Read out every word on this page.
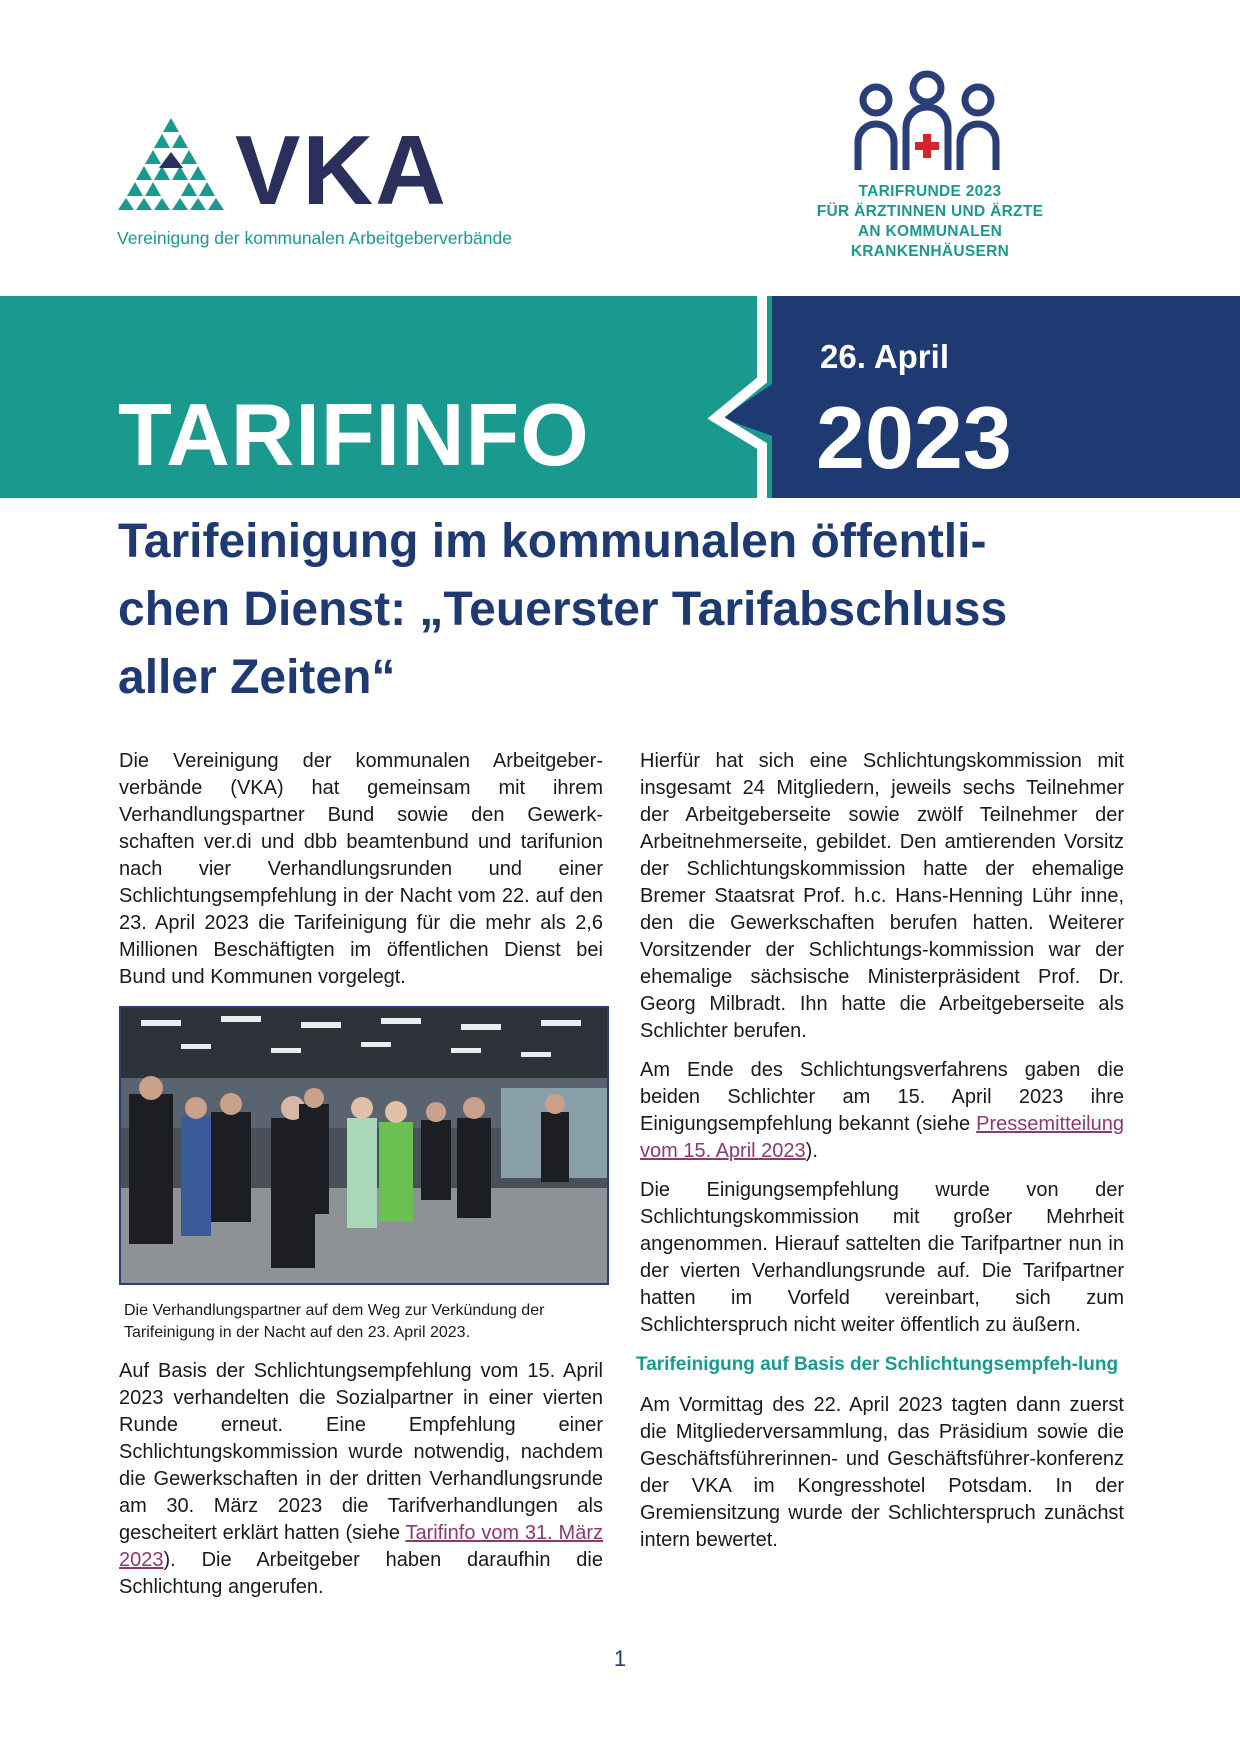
VKA
Vereinigung der kommunalen Arbeitgeberverbände
TARIFRUNDE 2023
FÜR ÄRZTINNEN UND ÄRZTE
AN KOMMUNALEN
KRANKENHÄUSERN
TARIFINFO
26. April
2023
Tarifeinigung im kommunalen öffentli-
chen Dienst: „Teuerster Tarifabschluss
aller Zeiten“

Die Vereinigung der kommunalen Arbeitgeber-verbände (VKA) hat gemeinsam mit ihrem Verhandlungspartner Bund sowie den Gewerk-schaften ver.di und dbb beamtenbund und tarifunion nach vier Verhandlungsrunden und einer Schlichtungsempfehlung in der Nacht vom 22. auf den 23. April 2023 die Tarifeinigung für die mehr als 2,6 Millionen Beschäftigten im öffentlichen Dienst bei Bund und Kommunen vorgelegt.

Die Verhandlungspartner auf dem Weg zur Verkündung der Tarifeinigung in der Nacht auf den 23. April 2023.

Auf Basis der Schlichtungsempfehlung vom 15. April 2023 verhandelten die Sozialpartner in einer vierten Runde erneut. Eine Empfehlung einer Schlichtungskommission wurde notwendig, nachdem die Gewerkschaften in der dritten Verhandlungsrunde am 30. März 2023 die Tarifverhandlungen als gescheitert erklärt hatten (siehe Tarifinfo vom 31. März 2023). Die Arbeitgeber haben daraufhin die Schlichtung angerufen.

Hierfür hat sich eine Schlichtungskommission mit insgesamt 24 Mitgliedern, jeweils sechs Teilnehmer der Arbeitgeberseite sowie zwölf Teilnehmer der Arbeitnehmerseite, gebildet. Den amtierenden Vorsitz der Schlichtungskommission hatte der ehemalige Bremer Staatsrat Prof. h.c. Hans-Henning Lühr inne, den die Gewerkschaften berufen hatten. Weiterer Vorsitzender der Schlichtungs-kommission war der ehemalige sächsische Ministerpräsident Prof. Dr. Georg Milbradt. Ihn hatte die Arbeitgeberseite als Schlichter berufen.

Am Ende des Schlichtungsverfahrens gaben die beiden Schlichter am 15. April 2023 ihre Einigungsempfehlung bekannt (siehe Pressemitteilung vom 15. April 2023).

Die Einigungsempfehlung wurde von der Schlichtungskommission mit großer Mehrheit angenommen. Hierauf sattelten die Tarifpartner nun in der vierten Verhandlungsrunde auf. Die Tarifpartner hatten im Vorfeld vereinbart, sich zum Schlichterspruch nicht weiter öffentlich zu äußern.

Tarifeinigung auf Basis der Schlichtungsempfeh-lung

Am Vormittag des 22. April 2023 tagten dann zuerst die Mitgliederversammlung, das Präsidium sowie die Geschäftsführerinnen- und Geschäftsführer-konferenz der VKA im Kongresshotel Potsdam. In der Gremiensitzung wurde der Schlichterspruch zunächst intern bewertet.

1
